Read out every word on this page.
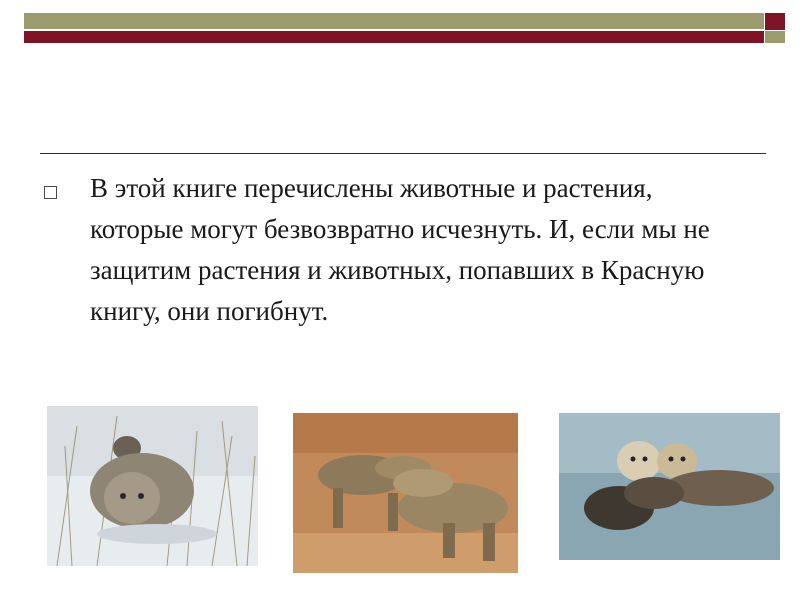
В этой книге перечислены животные и растения, которые могут безвозвратно исчезнуть. И, если мы не защитим растения и животных, попавших в Красную книгу, они погибнут.
